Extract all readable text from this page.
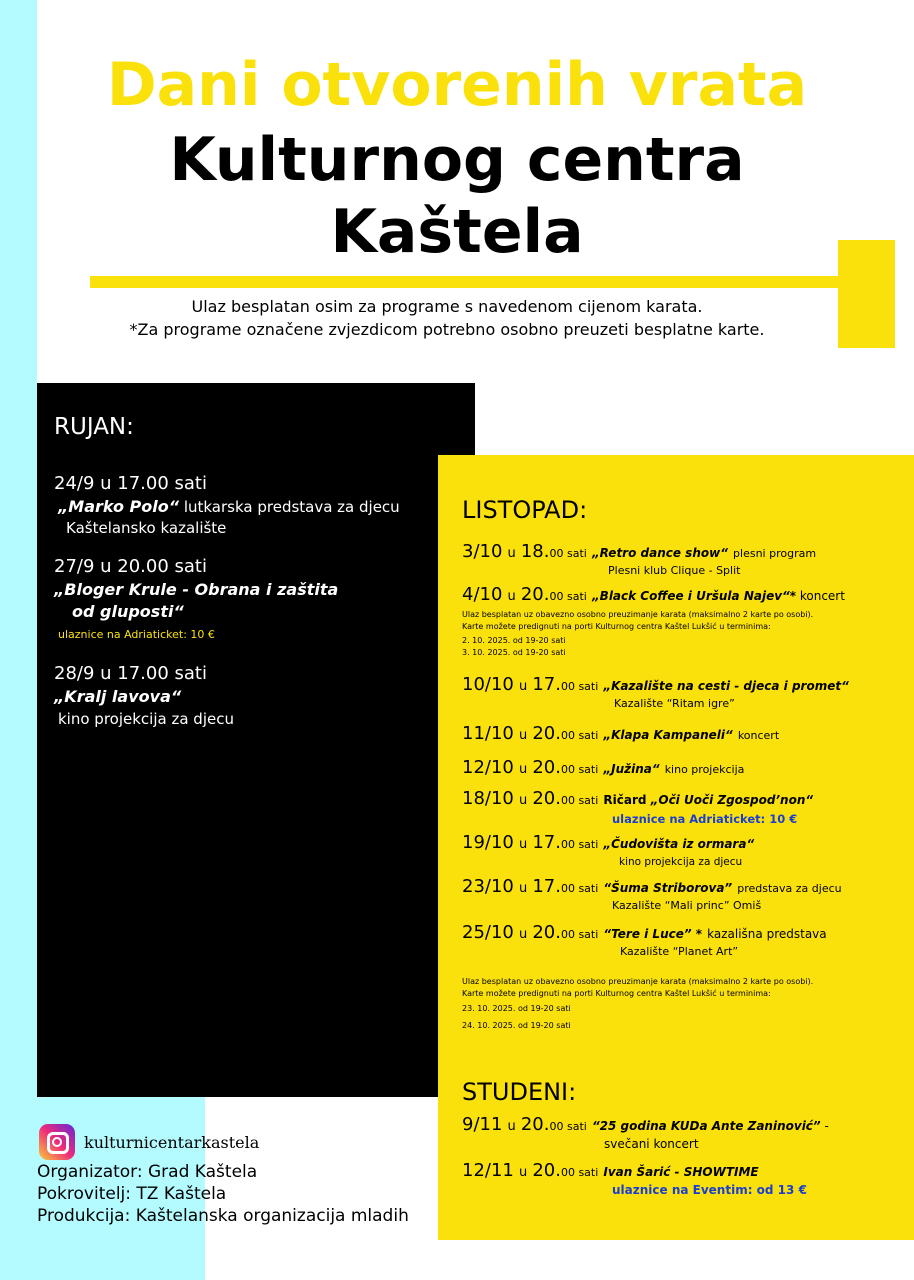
Dani otvorenih vrata
Kulturnog centra
Kaštela
Ulaz besplatan osim za programe s navedenom cijenom karata.
*Za programe označene zvjezdicom potrebno osobno preuzeti besplatne karte.
RUJAN:
24/9 u 17.00 sati
„Marko Polo“ lutkarska predstava za djecu
Kaštelansko kazalište
27/9 u 20.00 sati
„Bloger Krule - Obrana i zaštita
od gluposti“
ulaznice na Adriaticket: 10 €
28/9 u 17.00 sati
„Kralj lavova“
kino projekcija za djecu
LISTOPAD:
3/10 u 18.00 sati „Retro dance show“ plesni program
Plesni klub Clique - Split
4/10 u 20.00 sati „Black Coffee i Uršula Najev“* koncert
Ulaz besplatan uz obavezno osobno preuzimanje karata (maksimalno 2 karte po osobi).
Karte možete predignuti na porti Kulturnog centra Kaštel Lukšić u terminima:
2. 10. 2025. od 19-20 sati
3. 10. 2025. od 19-20 sati
10/10 u 17.00 sati „Kazalište na cesti - djeca i promet“
Kazalište “Ritam igre”
11/10 u 20.00 sati „Klapa Kampaneli“ koncert
12/10 u 20.00 sati „Južina“ kino projekcija
18/10 u 20.00 sati Ričard „Oči Uoči Zgospod’non“
ulaznice na Adriaticket: 10 €
19/10 u 17.00 sati „Čudovišta iz ormara“
kino projekcija za djecu
23/10 u 17.00 sati “Šuma Striborova” predstava za djecu
Kazalište “Mali princ” Omiš
25/10 u 20.00 sati “Tere i Luce” * kazališna predstava
Kazalište “Planet Art”
Ulaz besplatan uz obavezno osobno preuzimanje karata (maksimalno 2 karte po osobi).
Karte možete predignuti na porti Kulturnog centra Kaštel Lukšić u terminima:
23. 10. 2025. od 19-20 sati
24. 10. 2025. od 19-20 sati
STUDENI:
9/11 u 20.00 sati “25 godina KUDa Ante Zaninović” -
svečani koncert
12/11 u 20.00 sati Ivan Šarić - SHOWTIME
ulaznice na Eventim: od 13 €
kulturnicentarkastela
Organizator: Grad Kaštela
Pokrovitelj: TZ Kaštela
Produkcija: Kaštelanska organizacija mladih
